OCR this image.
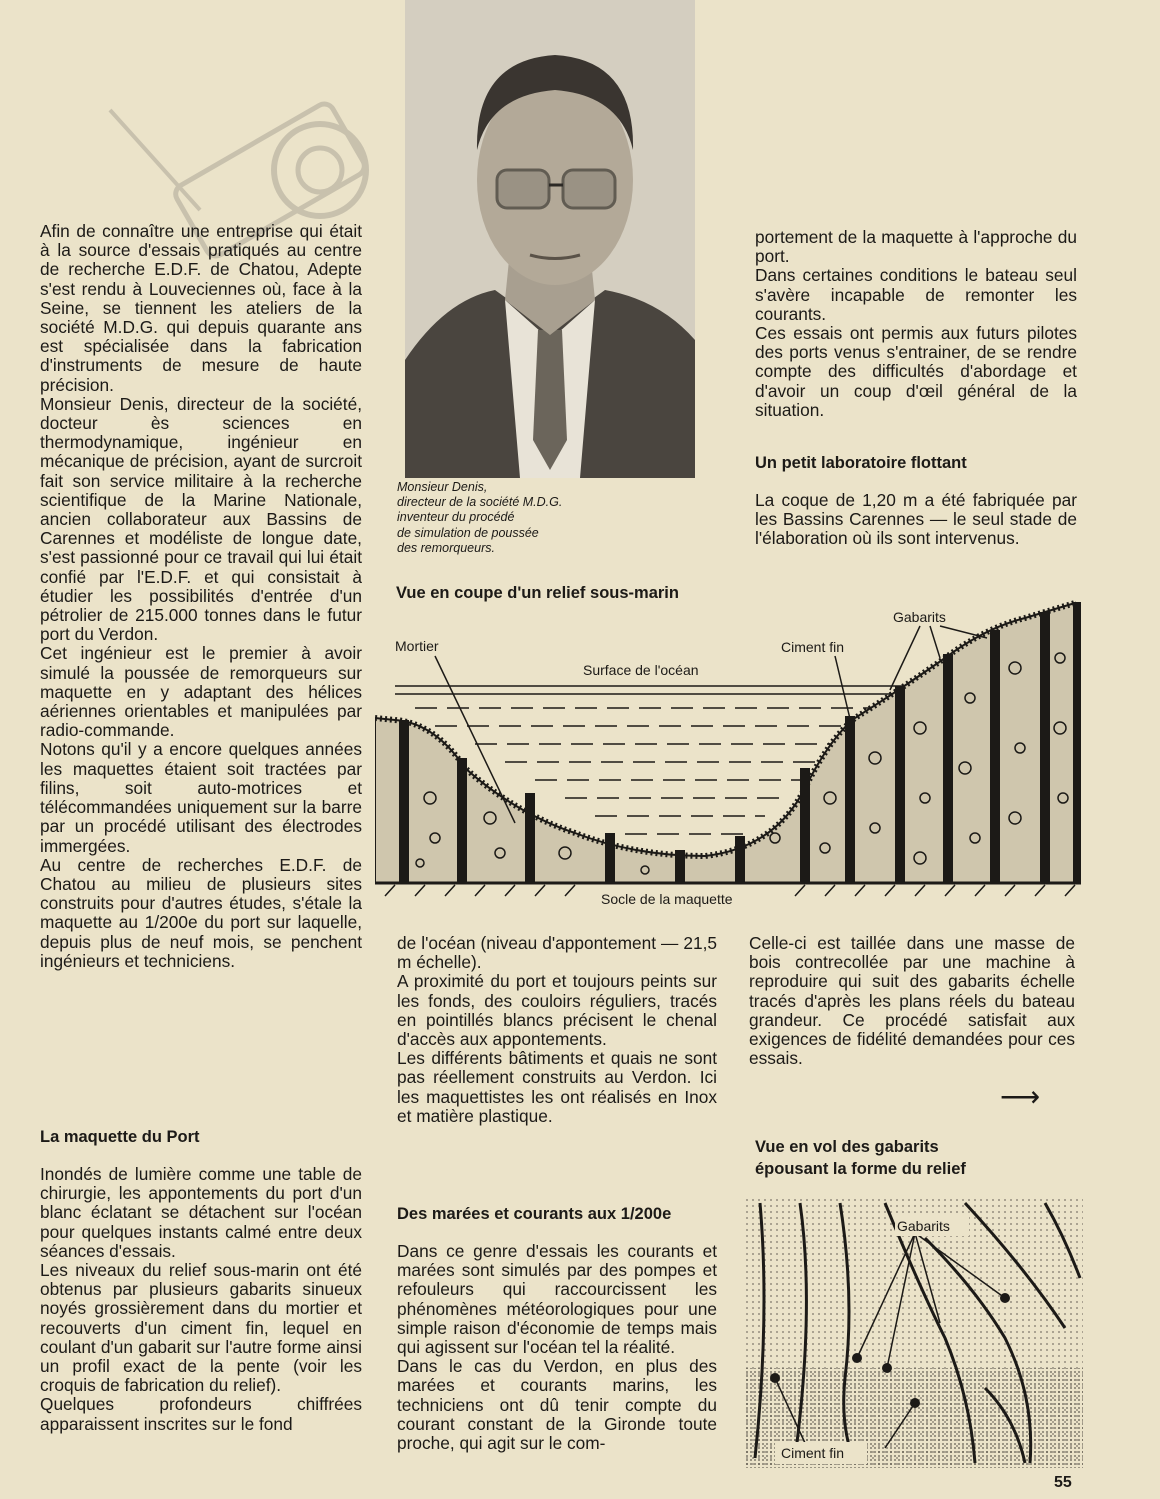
Monsieur Denis,
directeur de la société M.D.G.
inventeur du procédé
de simulation de poussée
des remorqueurs.

Afin de connaître une entreprise qui était à la source d'essais pratiqués au centre de recherche E.D.F. de Chatou, Adepte s'est rendu à Louveciennes où, face à la Seine, se tiennent les ateliers de la société M.D.G. qui depuis quarante ans est spécialisée dans la fabrication d'instruments de mesure de haute précision.

Monsieur Denis, directeur de la société, docteur ès sciences en thermodynamique, ingénieur en mécanique de précision, ayant de surcroit fait son service militaire à la recherche scientifique de la Marine Nationale, ancien collaborateur aux Bassins de Carennes et modéliste de longue date, s'est passionné pour ce travail qui lui était confié par l'E.D.F. et qui consistait à étudier les possibilités d'entrée d'un pétrolier de 215.000 tonnes dans le futur port du Verdon.

Cet ingénieur est le premier à avoir simulé la poussée de remorqueurs sur maquette en y adaptant des hélices aériennes orientables et manipulées par radio-commande.

Notons qu'il y a encore quelques années les maquettes étaient soit tractées par filins, soit auto-motrices et télécommandées uniquement sur la barre par un procédé utilisant des électrodes immergées.

Au centre de recherches E.D.F. de Chatou au milieu de plusieurs sites construits pour d'autres études, s'étale la maquette au 1/200e du port sur laquelle, depuis plus de neuf mois, se penchent ingénieurs et techniciens.

La maquette du Port

Inondés de lumière comme une table de chirurgie, les appontements du port d'un blanc éclatant se détachent sur l'océan pour quelques instants calmé entre deux séances d'essais.

Les niveaux du relief sous-marin ont été obtenus par plusieurs gabarits sinueux noyés grossièrement dans du mortier et recouverts d'un ciment fin, lequel en coulant d'un gabarit sur l'autre forme ainsi un profil exact de la pente (voir les croquis de fabrication du relief).

Quelques profondeurs chiffrées apparaissent inscrites sur le fond

portement de la maquette à l'approche du port.

Dans certaines conditions le bateau seul s'avère incapable de remonter les courants.

Ces essais ont permis aux futurs pilotes des ports venus s'entrainer, de se rendre compte des difficultés d'abordage et d'avoir un coup d'œil général de la situation.

Un petit laboratoire flottant

La coque de 1,20 m a été fabriquée par les Bassins Carennes — le seul stade de l'élaboration où ils sont intervenus.

Vue en coupe d'un relief sous-marin
Mortier
Surface de l'océan
Ciment fin
Gabarits
Socle de la maquette

de l'océan (niveau d'appontement — 21,5 m échelle).

A proximité du port et toujours peints sur les fonds, des couloirs réguliers, tracés en pointillés blancs précisent le chenal d'accès aux appontements.

Les différents bâtiments et quais ne sont pas réellement construits au Verdon. Ici les maquettistes les ont réalisés en Inox et matière plastique.

Des marées et courants aux 1/200e

Dans ce genre d'essais les courants et marées sont simulés par des pompes et refouleurs qui raccourcissent les phénomènes météorologiques pour une simple raison d'économie de temps mais qui agissent sur l'océan tel la réalité.

Dans le cas du Verdon, en plus des marées et courants marins, les techniciens ont dû tenir compte du courant constant de la Gironde toute proche, qui agit sur le com-

Celle-ci est taillée dans une masse de bois contrecollée par une machine à reproduire qui suit des gabarits échelle tracés d'après les plans réels du bateau grandeur. Ce procédé satisfait aux exigences de fidélité demandées pour ces essais.

⟶
Vue en vol des gabarits
épousant la forme du relief
Gabarits
Ciment fin
55
